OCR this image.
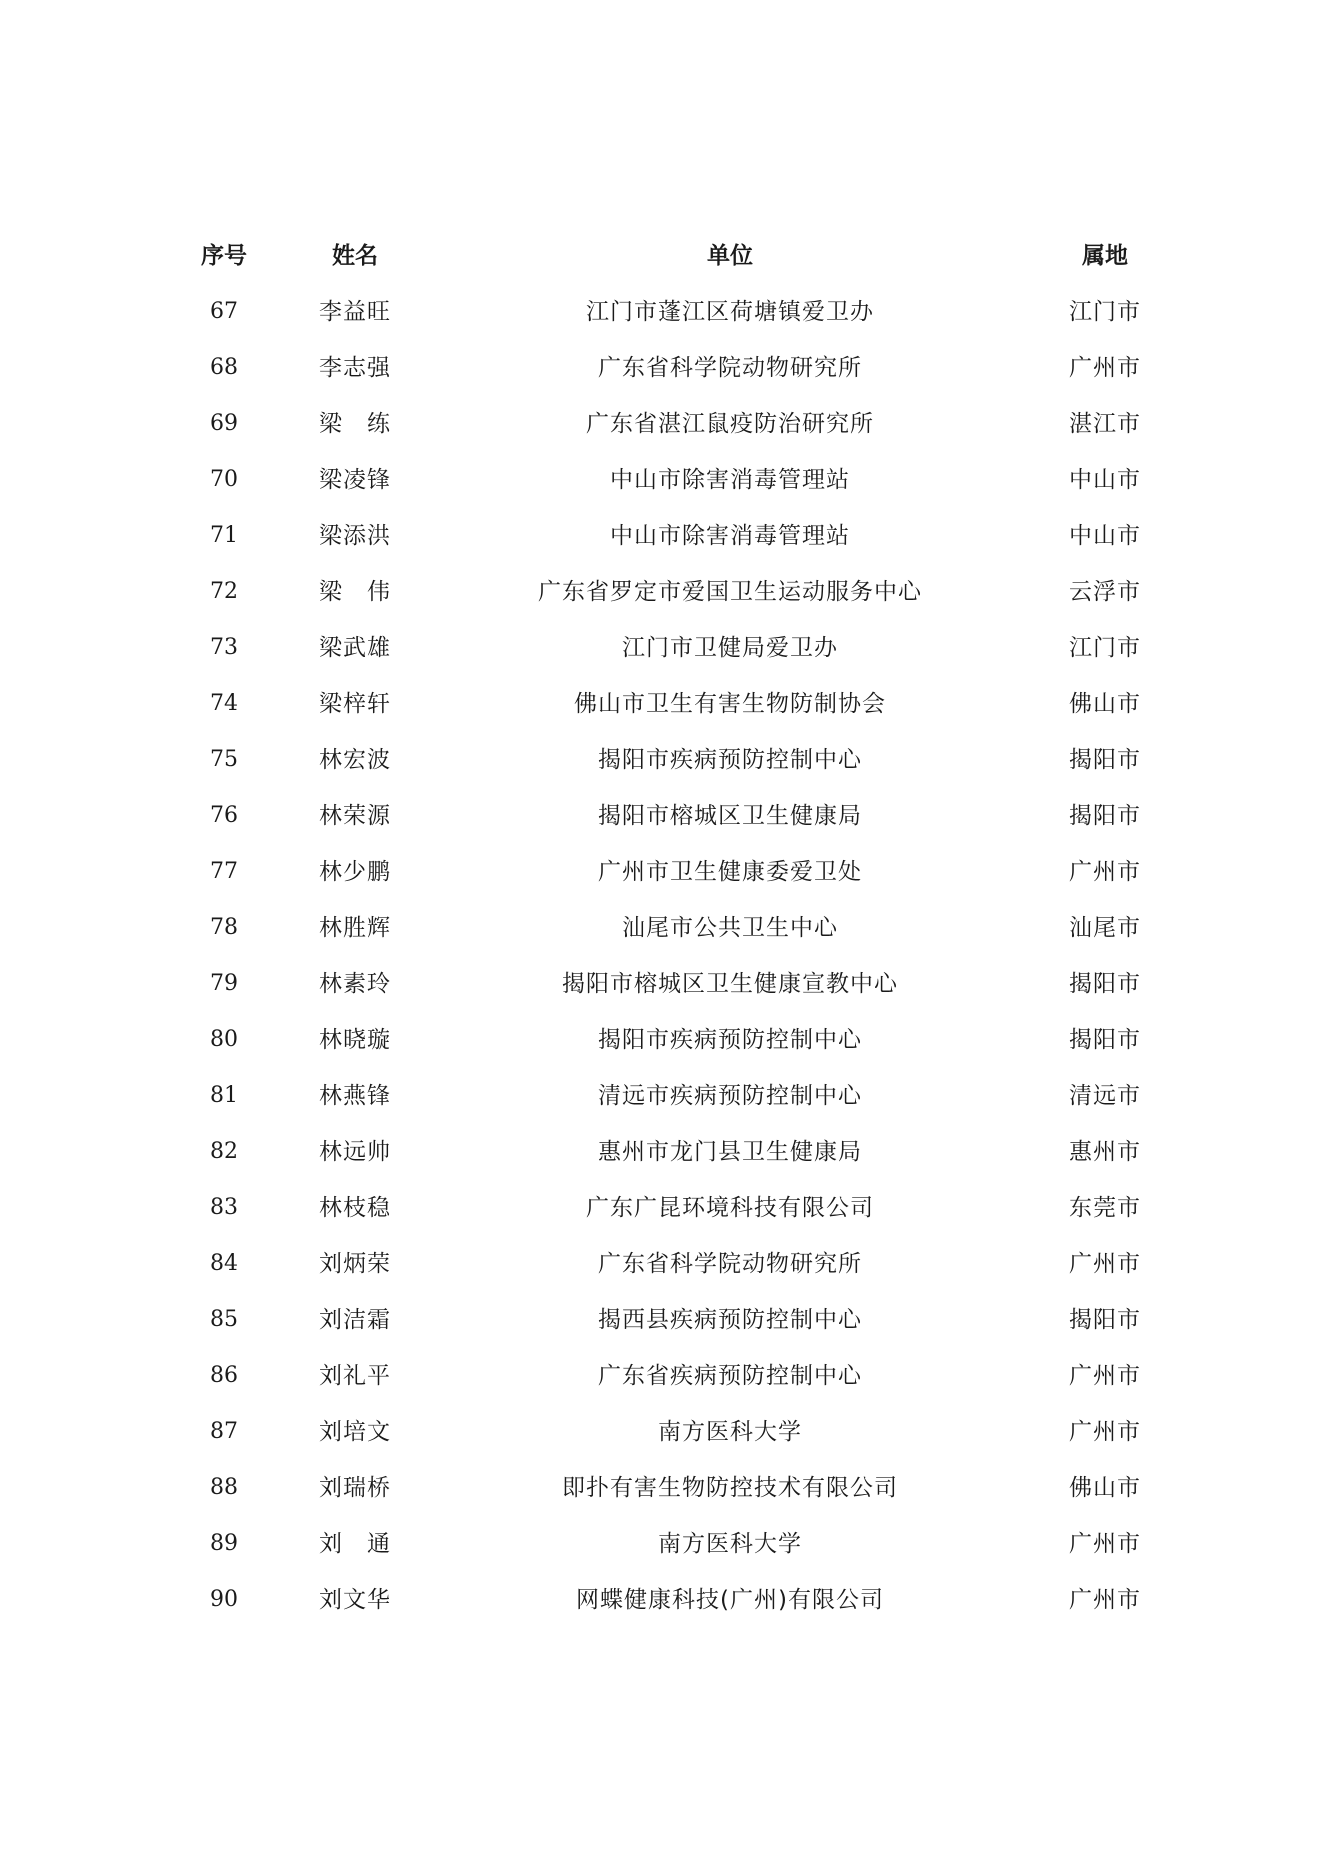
序号	姓名	单位	属地
67	李益旺	江门市蓬江区荷塘镇爱卫办	江门市
68	李志强	广东省科学院动物研究所	广州市
69	梁　练	广东省湛江鼠疫防治研究所	湛江市
70	梁凌锋	中山市除害消毒管理站	中山市
71	梁添洪	中山市除害消毒管理站	中山市
72	梁　伟	广东省罗定市爱国卫生运动服务中心	云浮市
73	梁武雄	江门市卫健局爱卫办	江门市
74	梁梓轩	佛山市卫生有害生物防制协会	佛山市
75	林宏波	揭阳市疾病预防控制中心	揭阳市
76	林荣源	揭阳市榕城区卫生健康局	揭阳市
77	林少鹏	广州市卫生健康委爱卫处	广州市
78	林胜辉	汕尾市公共卫生中心	汕尾市
79	林素玲	揭阳市榕城区卫生健康宣教中心	揭阳市
80	林晓璇	揭阳市疾病预防控制中心	揭阳市
81	林燕锋	清远市疾病预防控制中心	清远市
82	林远帅	惠州市龙门县卫生健康局	惠州市
83	林枝稳	广东广昆环境科技有限公司	东莞市
84	刘炳荣	广东省科学院动物研究所	广州市
85	刘洁霜	揭西县疾病预防控制中心	揭阳市
86	刘礼平	广东省疾病预防控制中心	广州市
87	刘培文	南方医科大学	广州市
88	刘瑞桥	即扑有害生物防控技术有限公司	佛山市
89	刘　通	南方医科大学	广州市
90	刘文华	网蝶健康科技(广州)有限公司	广州市
